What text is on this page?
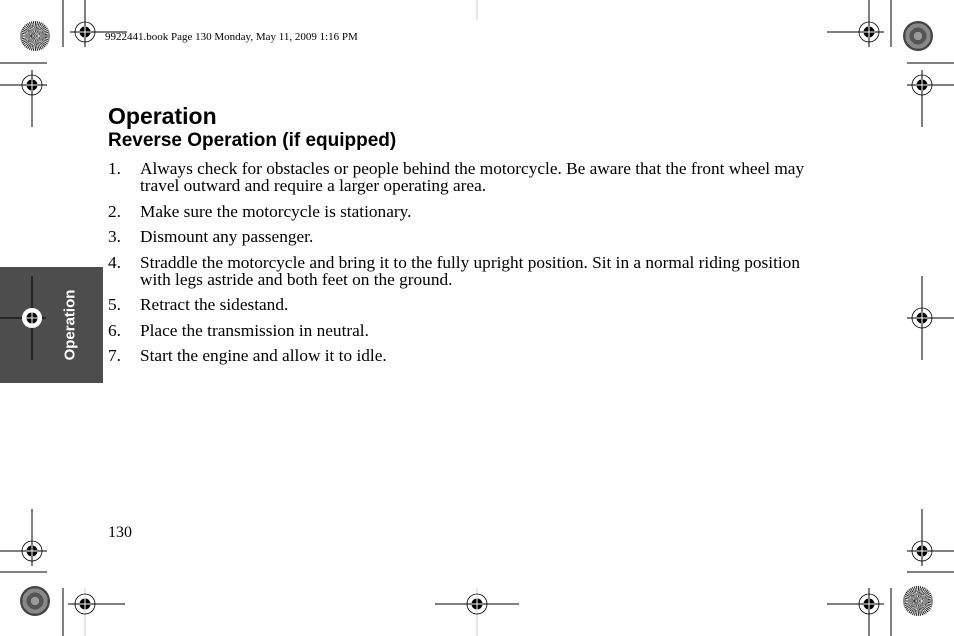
9922441.book Page 130 Monday, May 11, 2009 1:16 PM
Operation
Operation
Reverse Operation (if equipped)
1. Always check for obstacles or people behind the motorcycle. Be aware that the front wheel may travel outward and require a larger operating area.
2. Make sure the motorcycle is stationary.
3. Dismount any passenger.
4. Straddle the motorcycle and bring it to the fully upright position. Sit in a normal riding position with legs astride and both feet on the ground.
5. Retract the sidestand.
6. Place the transmission in neutral.
7. Start the engine and allow it to idle.
130
